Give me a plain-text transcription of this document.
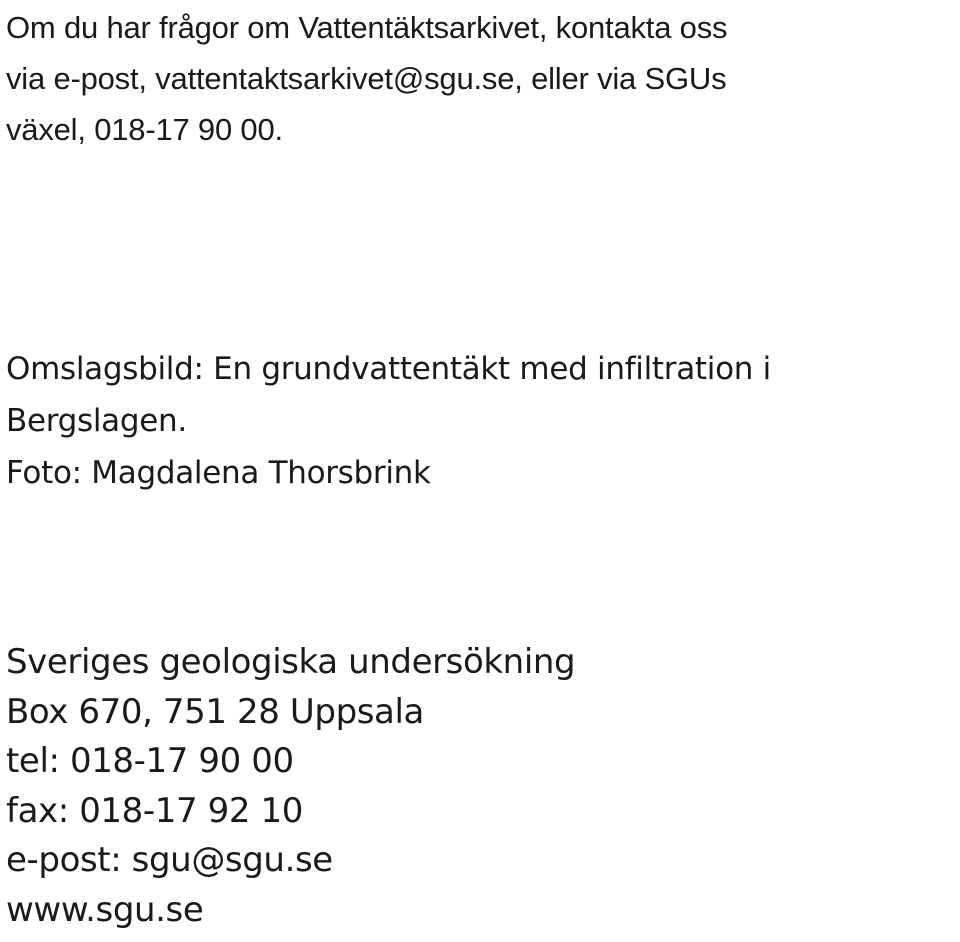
Om du har frågor om Vattentäktsarkivet, kontakta oss
via e-post, vattentaktsarkivet@sgu.se, eller via SGUs
växel, 018-17 90 00.
Omslagsbild: En grundvattentäkt med infiltration i
Bergslagen.
Foto: Magdalena Thorsbrink
Sveriges geologiska undersökning
Box 670, 751 28 Uppsala
tel: 018-17 90 00
fax: 018-17 92 10
e-post: sgu@sgu.se
www.sgu.se
